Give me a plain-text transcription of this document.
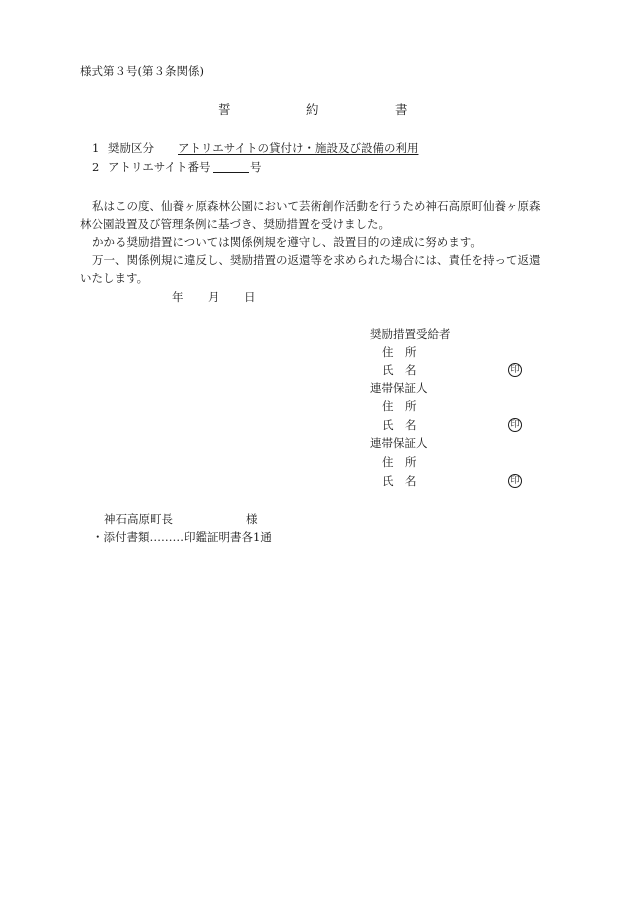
様式第３号(第３条関係)
誓	約	書
1 奨励区分 アトリエサイトの貸付け・施設及び設備の利用
2 アトリエサイト番号	号
私はこの度、仙養ヶ原森林公園において芸術創作活動を行うため神石高原町仙養ヶ原森林公園設置及び管理条例に基づき、奨励措置を受けました。
かかる奨励措置については関係例規を遵守し、設置目的の達成に努めます。
万一、関係例規に違反し、奨励措置の返還等を求められた場合には、責任を持って返還いたします。
年 月 日
奨励措置受給者
住　所
氏　名	印
連帯保証人
住　所
氏　名	印
連帯保証人
住　所
氏　名	印
神石高原町長	様
・添付書類………印鑑証明書各1通
